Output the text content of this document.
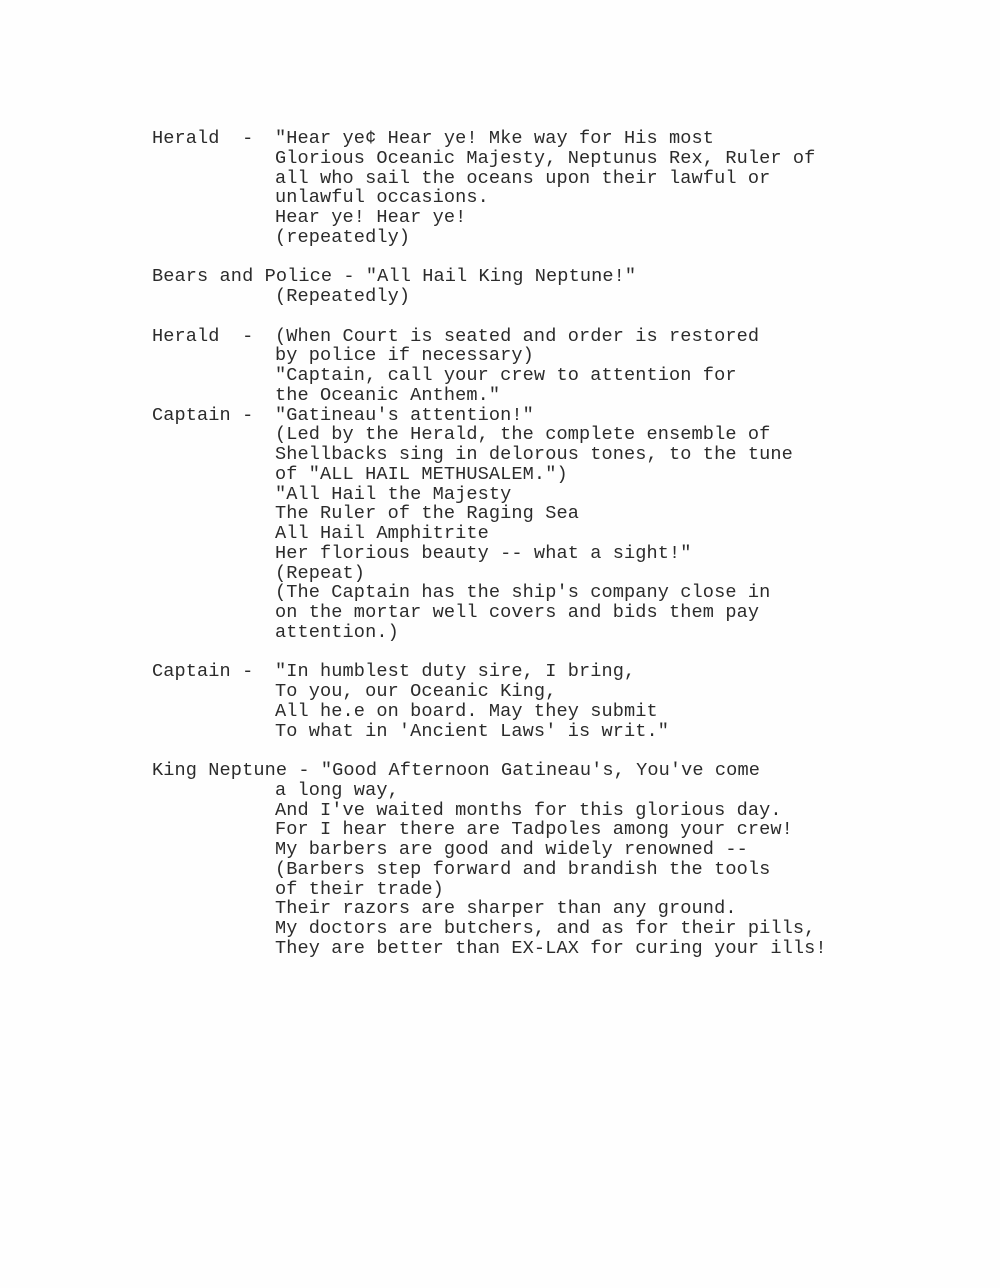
Herald  -	"Hear ye¢ Hear ye! Mke way for His most
Glorious Oceanic Majesty, Neptunus Rex, Ruler of
all who sail the oceans upon their lawful or
unlawful occasions.
Hear ye! Hear ye!
(repeatedly)
Bears and Police - "All Hail King Neptune!"
(Repeatedly)
Herald  -	(When Court is seated and order is restored
by police if necessary)
"Captain, call your crew to attention for
the Oceanic Anthem."
Captain -	"Gatineau's attention!"
(Led by the Herald, the complete ensemble of
Shellbacks sing in delorous tones, to the tune
of "ALL HAIL METHUSALEM.")
"All Hail the Majesty
The Ruler of the Raging Sea
All Hail Amphitrite
Her florious beauty -- what a sight!"
(Repeat)
(The Captain has the ship's company close in
on the mortar well covers and bids them pay
attention.)
Captain -	"In humblest duty sire, I bring,
To you, our Oceanic King,
All he.e on board. May they submit
To what in 'Ancient Laws' is writ."
King Neptune - "Good Afternoon Gatineau's, You've come
a long way,
And I've waited months for this glorious day.
For I hear there are Tadpoles among your crew!
My barbers are good and widely renowned --
(Barbers step forward and brandish the tools
of their trade)
Their razors are sharper than any ground.
My doctors are butchers, and as for their pills,
They are better than EX-LAX for curing your ills!
